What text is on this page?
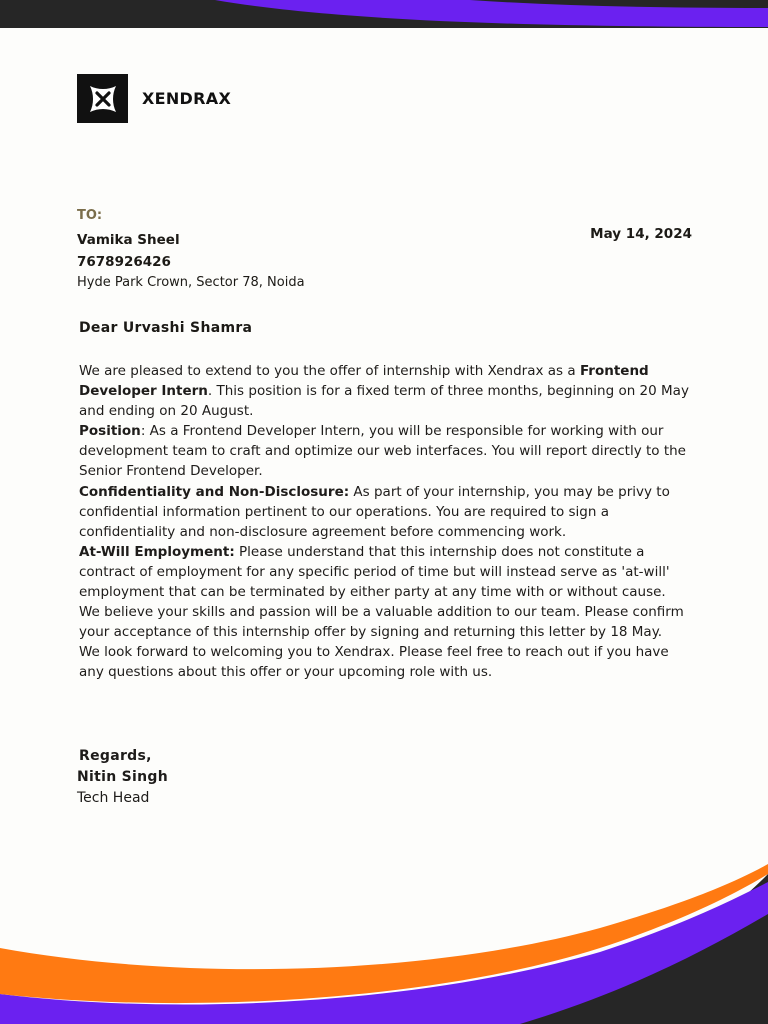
XENDRAX
TO:
Vamika Sheel
7678926426
Hyde Park Crown, Sector 78, Noida
May 14, 2024
Dear Urvashi Shamra

We are pleased to extend to you the offer of internship with Xendrax as a Frontend Developer Intern. This position is for a fixed term of three months, beginning on 20 May and ending on 20 August.

Position: As a Frontend Developer Intern, you will be responsible for working with our development team to craft and optimize our web interfaces. You will report directly to the Senior Frontend Developer.

Confidentiality and Non-Disclosure: As part of your internship, you may be privy to confidential information pertinent to our operations. You are required to sign a confidentiality and non-disclosure agreement before commencing work.

At-Will Employment: Please understand that this internship does not constitute a contract of employment for any specific period of time but will instead serve as 'at-will' employment that can be terminated by either party at any time with or without cause.

We believe your skills and passion will be a valuable addition to our team. Please confirm your acceptance of this internship offer by signing and returning this letter by 18 May.

We look forward to welcoming you to Xendrax. Please feel free to reach out if you have any questions about this offer or your upcoming role with us.

Regards,
Nitin Singh
Tech Head
